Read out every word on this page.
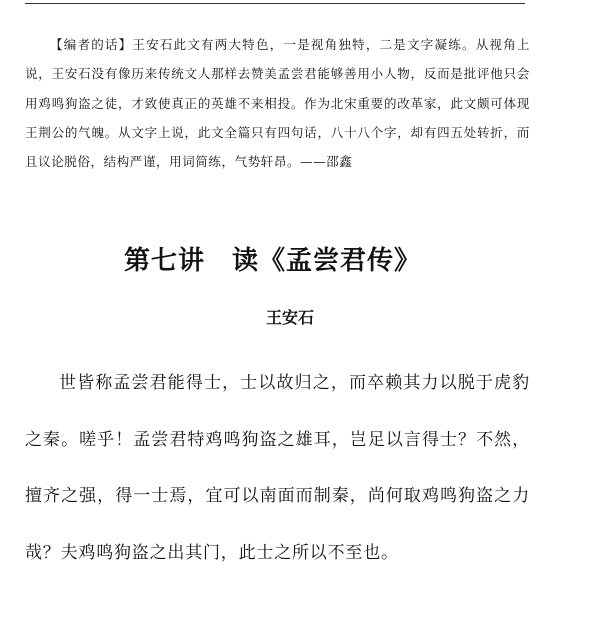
【编者的话】王安石此文有两大特色，一是视角独特，二是文字凝练。从视角上说，王安石没有像历来传统文人那样去赞美孟尝君能够善用小人物，反而是批评他只会用鸡鸣狗盗之徒，才致使真正的英雄不来相投。作为北宋重要的改革家，此文颇可体现王荆公的气魄。从文字上说，此文全篇只有四句话，八十八个字，却有四五处转折，而且议论脱俗，结构严谨，用词简练，气势轩昂。——邵鑫

第七讲　读《孟尝君传》
王安石

世皆称孟尝君能得士，士以故归之，而卒赖其力以脱于虎豹之秦。嗟乎！孟尝君特鸡鸣狗盗之雄耳，岂足以言得士？不然，擅齐之强，得一士焉，宜可以南面而制秦，尚何取鸡鸣狗盗之力哉？夫鸡鸣狗盗之出其门，此士之所以不至也。
